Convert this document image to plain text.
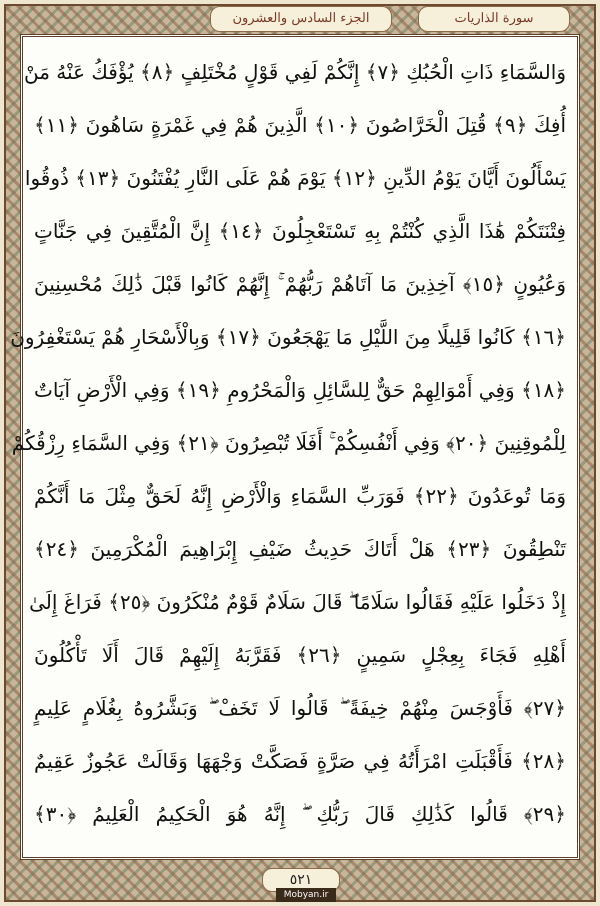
الجزء السادس والعشرون	سورة الذاريات
وَالسَّمَاءِ ذَاتِ الْحُبُكِ ﴿٧﴾ إِنَّكُمْ لَفِي قَوْلٍ مُخْتَلِفٍ ﴿٨﴾ يُؤْفَكُ عَنْهُ مَنْ
أُفِكَ ﴿٩﴾ قُتِلَ الْخَرَّاصُونَ ﴿١٠﴾ الَّذِينَ هُمْ فِي غَمْرَةٍ سَاهُونَ ﴿١١﴾
يَسْأَلُونَ أَيَّانَ يَوْمُ الدِّينِ ﴿١٢﴾ يَوْمَ هُمْ عَلَى النَّارِ يُفْتَنُونَ ﴿١٣﴾ ذُوقُوا
فِتْنَتَكُمْ هَٰذَا الَّذِي كُنْتُمْ بِهِ تَسْتَعْجِلُونَ ﴿١٤﴾ إِنَّ الْمُتَّقِينَ فِي جَنَّاتٍ
وَعُيُونٍ ﴿١٥﴾ آخِذِينَ مَا آتَاهُمْ رَبُّهُمْ ۚ إِنَّهُمْ كَانُوا قَبْلَ ذَٰلِكَ مُحْسِنِينَ
﴿١٦﴾ كَانُوا قَلِيلًا مِنَ اللَّيْلِ مَا يَهْجَعُونَ ﴿١٧﴾ وَبِالْأَسْحَارِ هُمْ يَسْتَغْفِرُونَ
﴿١٨﴾ وَفِي أَمْوَالِهِمْ حَقٌّ لِلسَّائِلِ وَالْمَحْرُومِ ﴿١٩﴾ وَفِي الْأَرْضِ آيَاتٌ
لِلْمُوقِنِينَ ﴿٢٠﴾ وَفِي أَنْفُسِكُمْ ۚ أَفَلَا تُبْصِرُونَ ﴿٢١﴾ وَفِي السَّمَاءِ رِزْقُكُمْ
وَمَا تُوعَدُونَ ﴿٢٢﴾ فَوَرَبِّ السَّمَاءِ وَالْأَرْضِ إِنَّهُ لَحَقٌّ مِثْلَ مَا أَنَّكُمْ
تَنْطِقُونَ ﴿٢٣﴾ هَلْ أَتَاكَ حَدِيثُ ضَيْفِ إِبْرَاهِيمَ الْمُكْرَمِينَ ﴿٢٤﴾
إِذْ دَخَلُوا عَلَيْهِ فَقَالُوا سَلَامًا ۖ قَالَ سَلَامٌ قَوْمٌ مُنْكَرُونَ ﴿٢٥﴾ فَرَاغَ إِلَىٰ
أَهْلِهِ فَجَاءَ بِعِجْلٍ سَمِينٍ ﴿٢٦﴾ فَقَرَّبَهُ إِلَيْهِمْ قَالَ أَلَا تَأْكُلُونَ
﴿٢٧﴾ فَأَوْجَسَ مِنْهُمْ خِيفَةً ۖ قَالُوا لَا تَخَفْ ۖ وَبَشَّرُوهُ بِغُلَامٍ عَلِيمٍ
﴿٢٨﴾ فَأَقْبَلَتِ امْرَأَتُهُ فِي صَرَّةٍ فَصَكَّتْ وَجْهَهَا وَقَالَتْ عَجُوزٌ عَقِيمٌ
﴿٢٩﴾ قَالُوا كَذَٰلِكِ قَالَ رَبُّكِ ۖ إِنَّهُ هُوَ الْحَكِيمُ الْعَلِيمُ ﴿٣٠﴾
٥٢١
Mobyan.ir
